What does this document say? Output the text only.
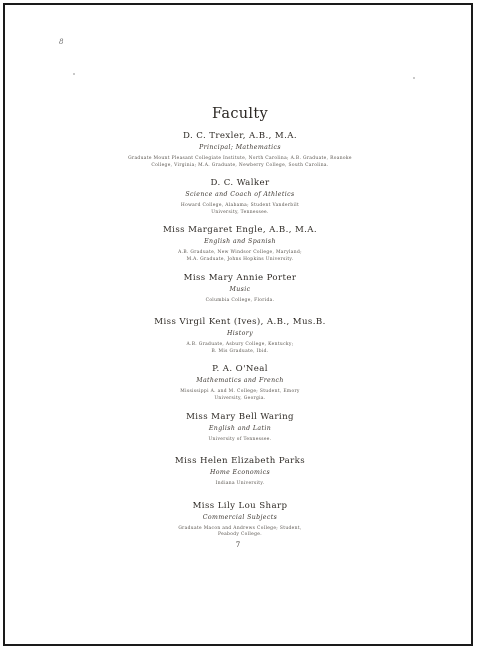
8
Faculty
D. C. Trexler, A.B., M.A.
Principal; Mathematics
Graduate Mount Pleasant Collegiate Institute, North Carolina; A.B. Graduate, Roanoke
College, Virginia; M.A. Graduate, Newberry College, South Carolina.
D. C. Walker
Science and Coach of Athletics
Howard College, Alabama; Student Vanderbilt
University, Tennessee.
Miss Margaret Engle, A.B., M.A.
English and Spanish
A.B. Graduate, New Windsor College, Maryland;
M.A. Graduate, Johns Hopkins University.
Miss Mary Annie Porter
Music
Columbia College, Florida.
Miss Virgil Kent (Ives), A.B., Mus.B.
History
A.B. Graduate, Asbury College, Kentucky;
B. Mis Graduate, Ibid.
P. A. O'Neal
Mathematics and French
Mississippi A. and M. College; Student, Emory
University, Georgia.
Miss Mary Bell Waring
English and Latin
University of Tennessee.
Miss Helen Elizabeth Parks
Home Economics
Indiana University.
Miss Lily Lou Sharp
Commercial Subjects
Graduate Macon and Andrews College; Student,
Peabody College.
7
